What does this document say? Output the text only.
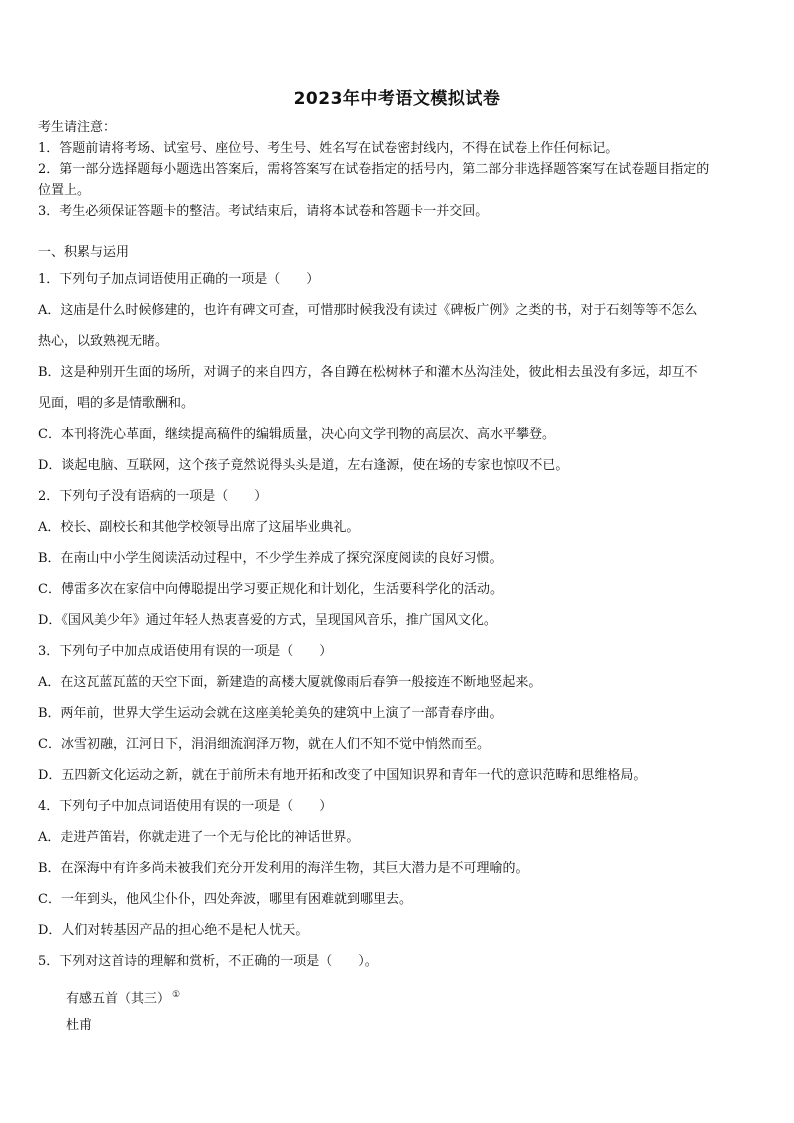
2023年中考语文模拟试卷
考生请注意：
1．答题前请将考场、试室号、座位号、考生号、姓名写在试卷密封线内，不得在试卷上作任何标记。
2．第一部分选择题每小题选出答案后，需将答案写在试卷指定的括号内，第二部分非选择题答案写在试卷题目指定的
位置上。
3．考生必须保证答题卡的整洁。考试结束后，请将本试卷和答题卡一并交回。
一、积累与运用
1．下列句子加点词语使用正确的一项是（　　）
A．这庙是什么时候修建的，也许有碑文可查，可惜那时候我没有读过《碑板广例》之类的书，对于石刻等等不怎么
热心，以致熟视无睹。
B．这是种别开生面的场所，对调子的来自四方，各自蹲在松树林子和灌木丛沟洼处，彼此相去虽没有多远，却互不
见面，唱的多是情歌酬和。
C．本刊将洗心革面，继续提高稿件的编辑质量，决心向文学刊物的高层次、高水平攀登。
D．谈起电脑、互联网，这个孩子竟然说得头头是道，左右逢源，使在场的专家也惊叹不已。
2．下列句子没有语病的一项是（　　）
A．校长、副校长和其他学校领导出席了这届毕业典礼。
B．在南山中小学生阅读活动过程中，不少学生养成了探究深度阅读的良好习惯。
C．傅雷多次在家信中向傅聪提出学习要正规化和计划化，生活要科学化的活动。
D．《国风美少年》通过年轻人热衷喜爱的方式，呈现国风音乐，推广国风文化。
3．下列句子中加点成语使用有误的一项是（　　）
A．在这瓦蓝瓦蓝的天空下面，新建造的高楼大厦就像雨后春笋一般接连不断地竖起来。
B．两年前，世界大学生运动会就在这座美轮美奂的建筑中上演了一部青春序曲。
C．冰雪初融，江河日下，涓涓细流润泽万物，就在人们不知不觉中悄然而至。
D．五四新文化运动之新，就在于前所未有地开拓和改变了中国知识界和青年一代的意识范畴和思维格局。
4．下列句子中加点词语使用有误的一项是（　　）
A．走进芦笛岩，你就走进了一个无与伦比的神话世界。
B．在深海中有许多尚未被我们充分开发利用的海洋生物，其巨大潜力是不可理喻的。
C．一年到头，他风尘仆仆，四处奔波，哪里有困难就到哪里去。
D．人们对转基因产品的担心绝不是杞人忧天。
5．下列对这首诗的理解和赏析，不正确的一项是（　　）。
有感五首（其三） ①
杜甫
